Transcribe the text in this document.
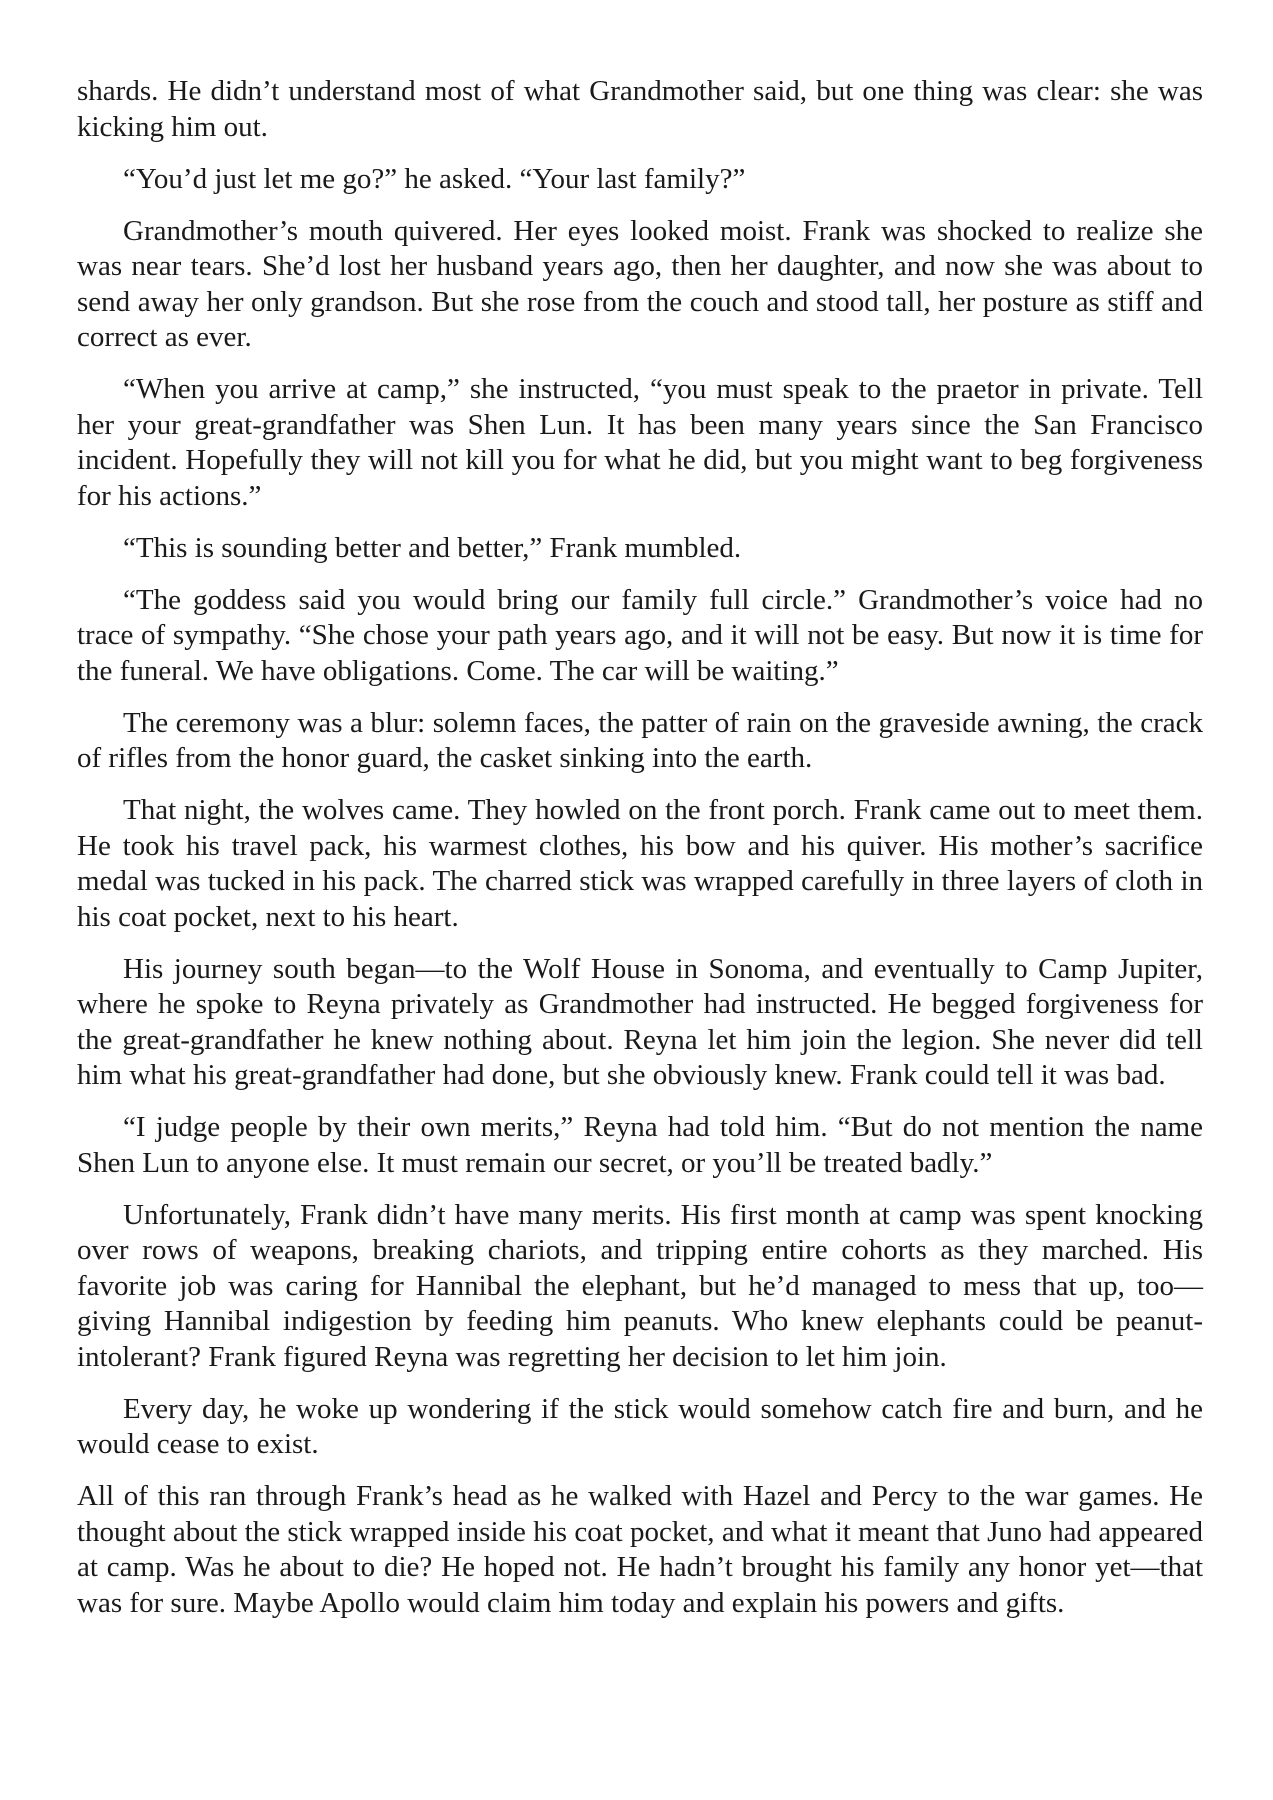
shards. He didn’t understand most of what Grandmother said, but one thing was clear: she was kicking him out.

“You’d just let me go?” he asked. “Your last family?”

Grandmother’s mouth quivered. Her eyes looked moist. Frank was shocked to realize she was near tears. She’d lost her husband years ago, then her daughter, and now she was about to send away her only grandson. But she rose from the couch and stood tall, her posture as stiff and correct as ever.

“When you arrive at camp,” she instructed, “you must speak to the praetor in private. Tell her your great-grandfather was Shen Lun. It has been many years since the San Francisco incident. Hopefully they will not kill you for what he did, but you might want to beg forgiveness for his actions.”

“This is sounding better and better,” Frank mumbled.

“The goddess said you would bring our family full circle.” Grandmother’s voice had no trace of sympathy. “She chose your path years ago, and it will not be easy. But now it is time for the funeral. We have obligations. Come. The car will be waiting.”

The ceremony was a blur: solemn faces, the patter of rain on the graveside awning, the crack of rifles from the honor guard, the casket sinking into the earth.

That night, the wolves came. They howled on the front porch. Frank came out to meet them. He took his travel pack, his warmest clothes, his bow and his quiver. His mother’s sacrifice medal was tucked in his pack. The charred stick was wrapped carefully in three layers of cloth in his coat pocket, next to his heart.

His journey south began—to the Wolf House in Sonoma, and eventually to Camp Jupiter, where he spoke to Reyna privately as Grandmother had instructed. He begged forgiveness for the great-grandfather he knew nothing about. Reyna let him join the legion. She never did tell him what his great-grandfather had done, but she obviously knew. Frank could tell it was bad.

“I judge people by their own merits,” Reyna had told him. “But do not mention the name Shen Lun to anyone else. It must remain our secret, or you’ll be treated badly.”

Unfortunately, Frank didn’t have many merits. His first month at camp was spent knocking over rows of weapons, breaking chariots, and tripping entire cohorts as they marched. His favorite job was caring for Hannibal the elephant, but he’d managed to mess that up, too—giving Hannibal indigestion by feeding him peanuts. Who knew elephants could be peanut-intolerant? Frank figured Reyna was regretting her decision to let him join.

Every day, he woke up wondering if the stick would somehow catch fire and burn, and he would cease to exist.

All of this ran through Frank’s head as he walked with Hazel and Percy to the war games. He thought about the stick wrapped inside his coat pocket, and what it meant that Juno had appeared at camp. Was he about to die? He hoped not. He hadn’t brought his family any honor yet—that was for sure. Maybe Apollo would claim him today and explain his powers and gifts.
